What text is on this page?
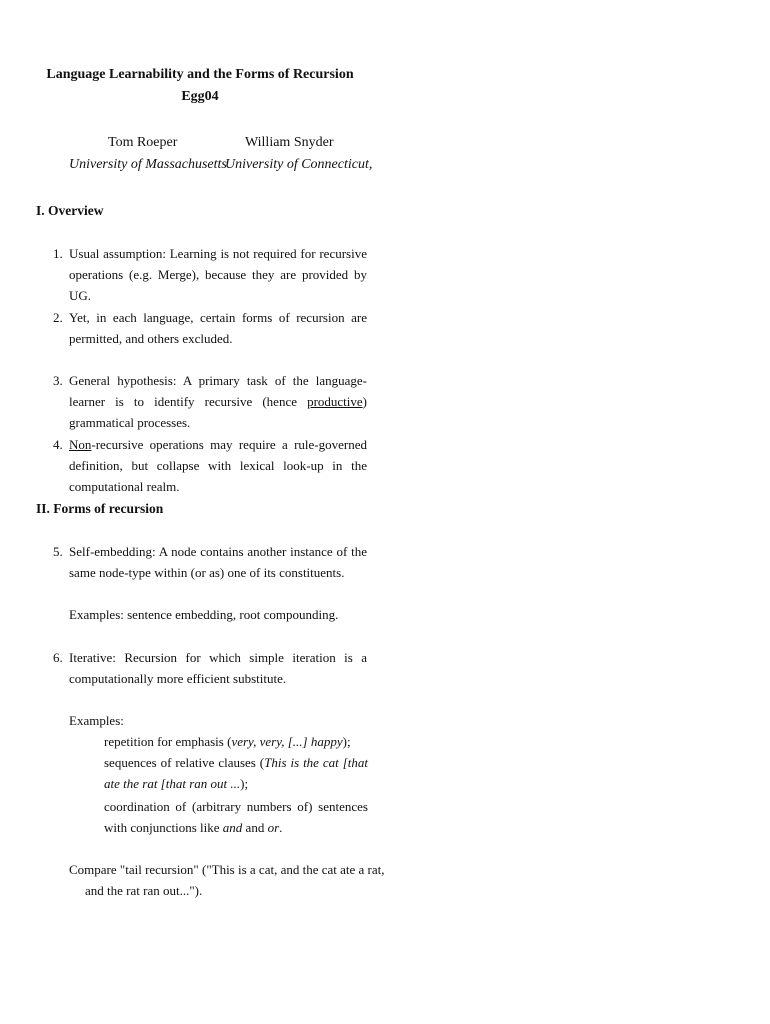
Language Learnability and the Forms of Recursion
Egg04
Tom Roeper
University of Massachusetts
William Snyder
University of Connecticut,
I. Overview
1. Usual assumption: Learning is not required for recursive operations (e.g. Merge), because they are provided by UG.
2. Yet, in each language, certain forms of recursion are permitted, and others excluded.
3. General hypothesis: A primary task of the language-learner is to identify recursive (hence productive) grammatical processes.
4. Non-recursive operations may require a rule-governed definition, but collapse with lexical look-up in the computational realm.
II. Forms of recursion
5. Self-embedding: A node contains another instance of the same node-type within (or as) one of its constituents.
Examples: sentence embedding, root compounding.
6. Iterative: Recursion for which simple iteration is a computationally more efficient substitute.
Examples:
repetition for emphasis (very, very, [...] happy);
sequences of relative clauses (This is the cat [that ate the rat [that ran out ...);
coordination of (arbitrary numbers of) sentences with conjunctions like and and or.
Compare "tail recursion" ("This is a cat, and the cat ate a rat, and the rat ran out...").
